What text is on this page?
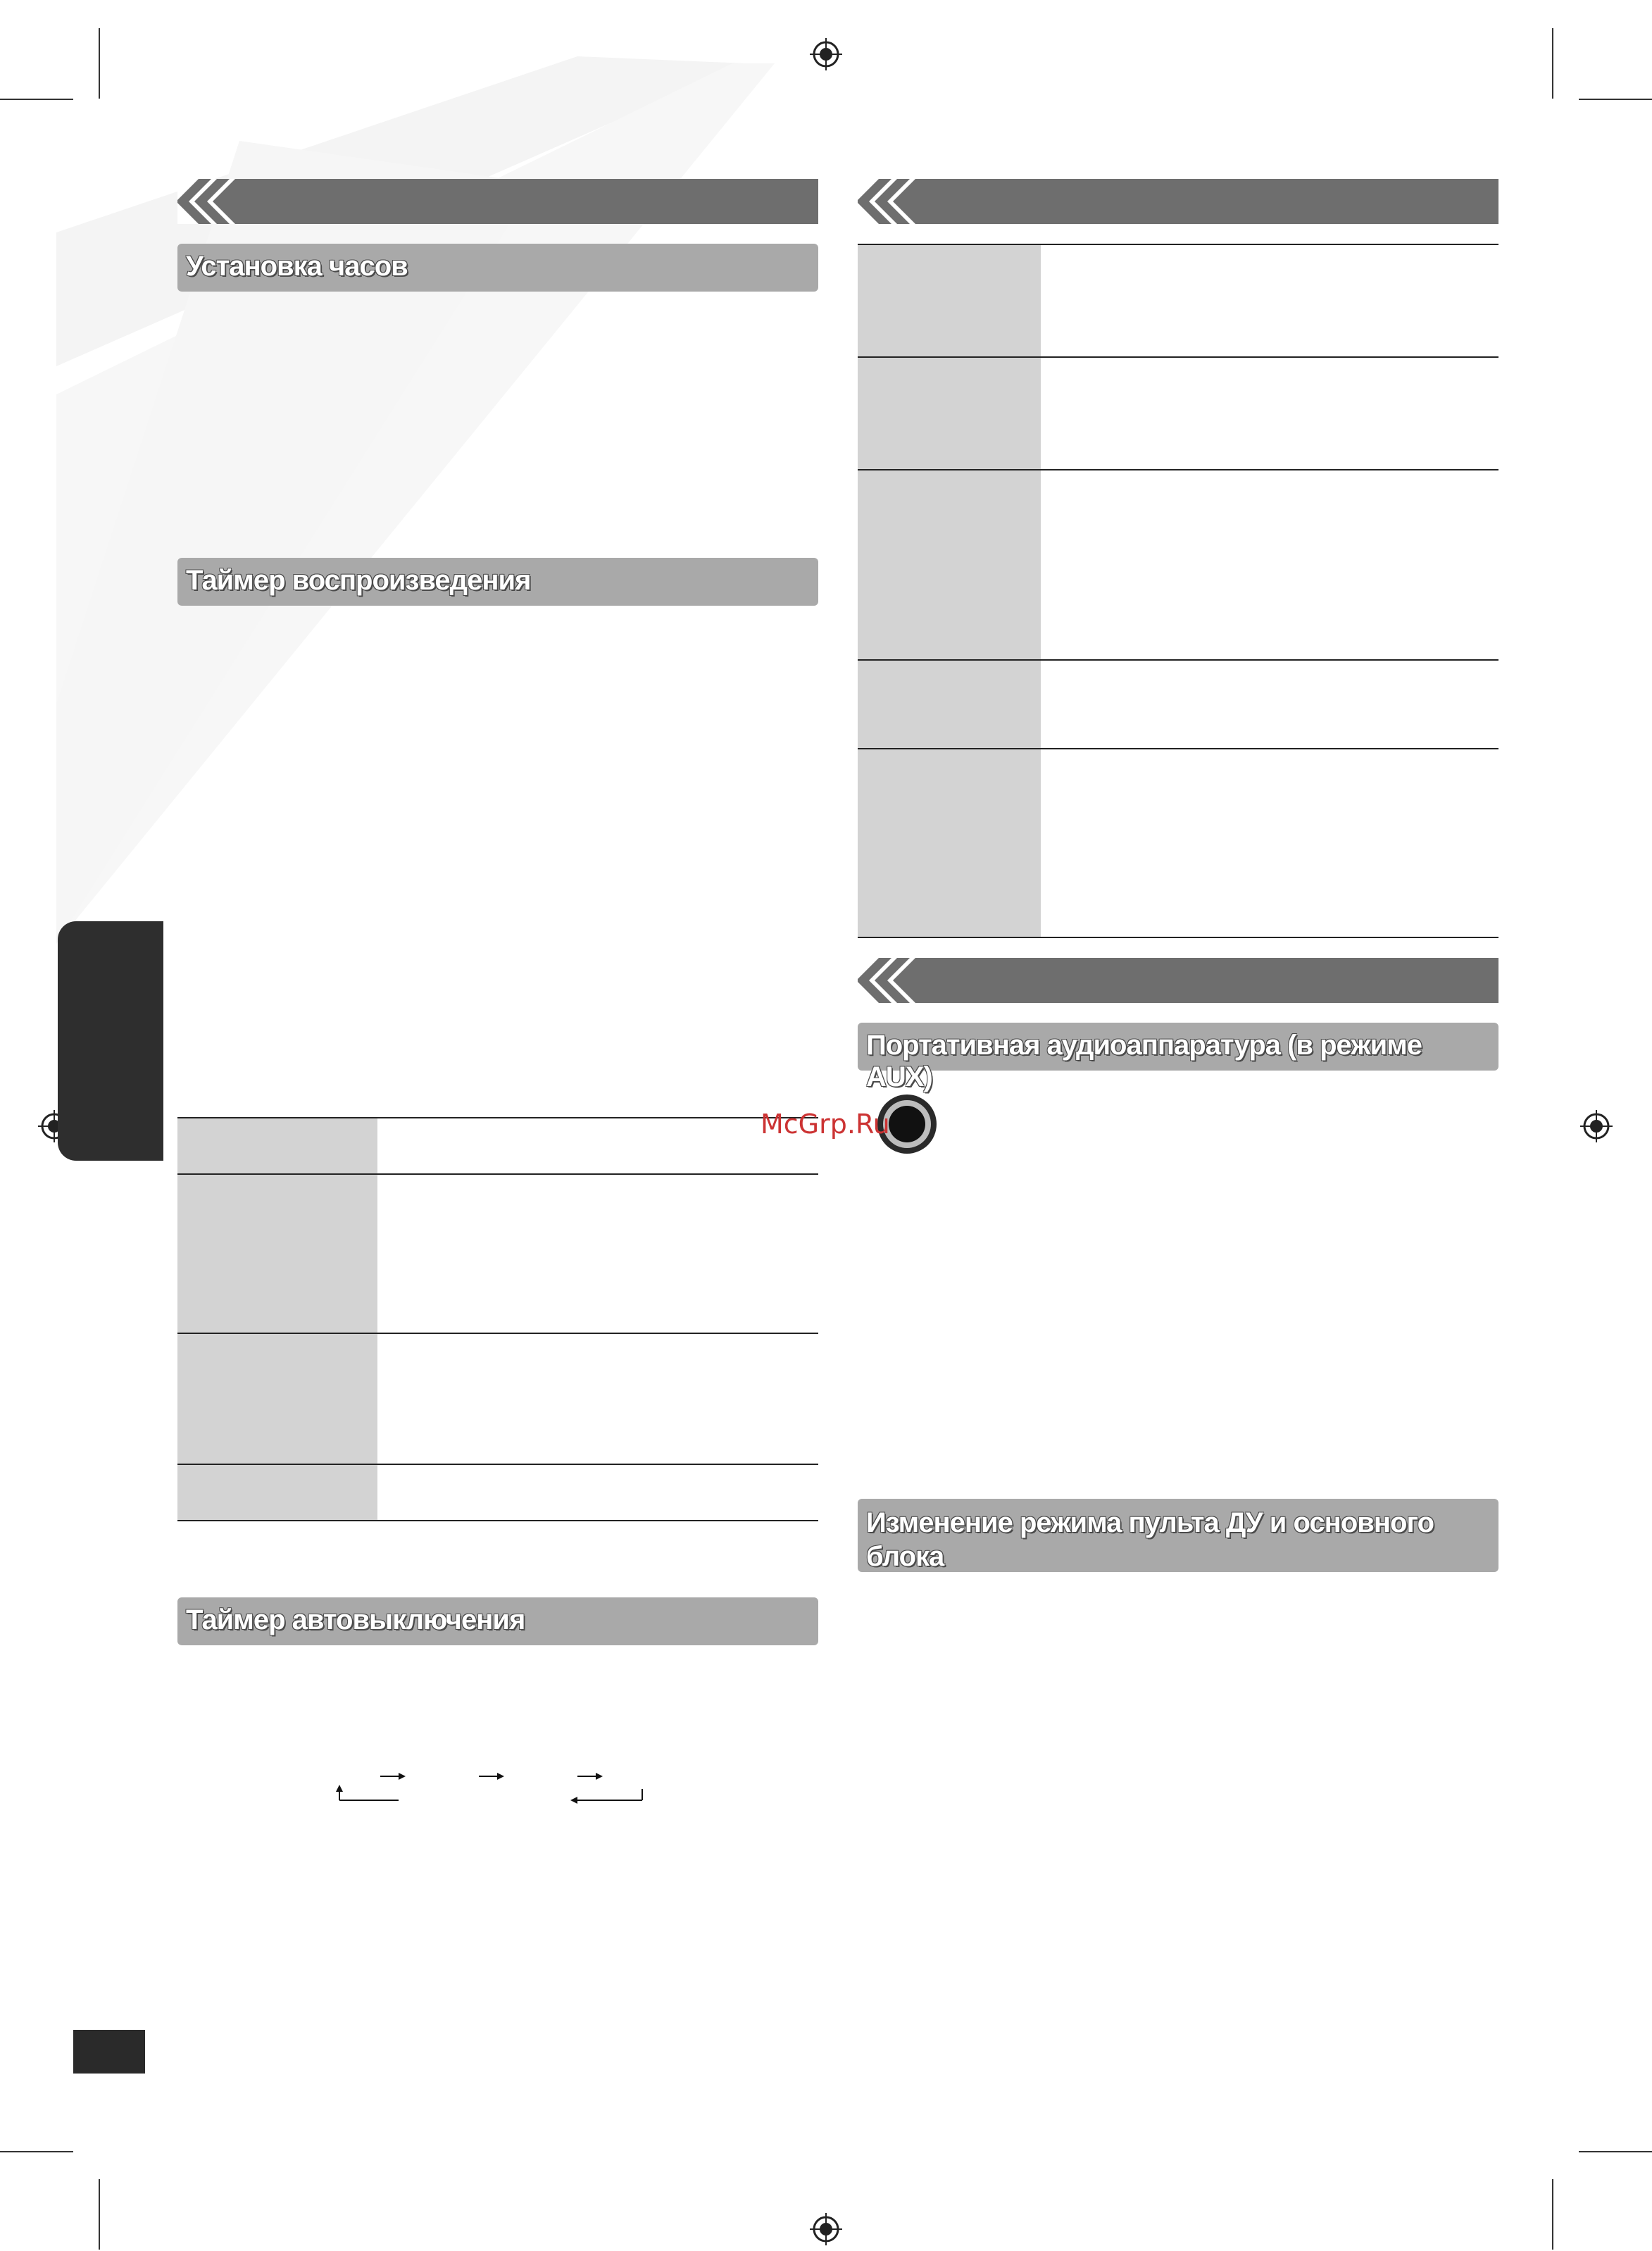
Установка часов
Таймер воспроизведения
Таймер автовыключения
Портативная аудиоаппаратура (в режиме AUX)
McGrp.Ru
Изменение режима пульта ДУ и основного блока
